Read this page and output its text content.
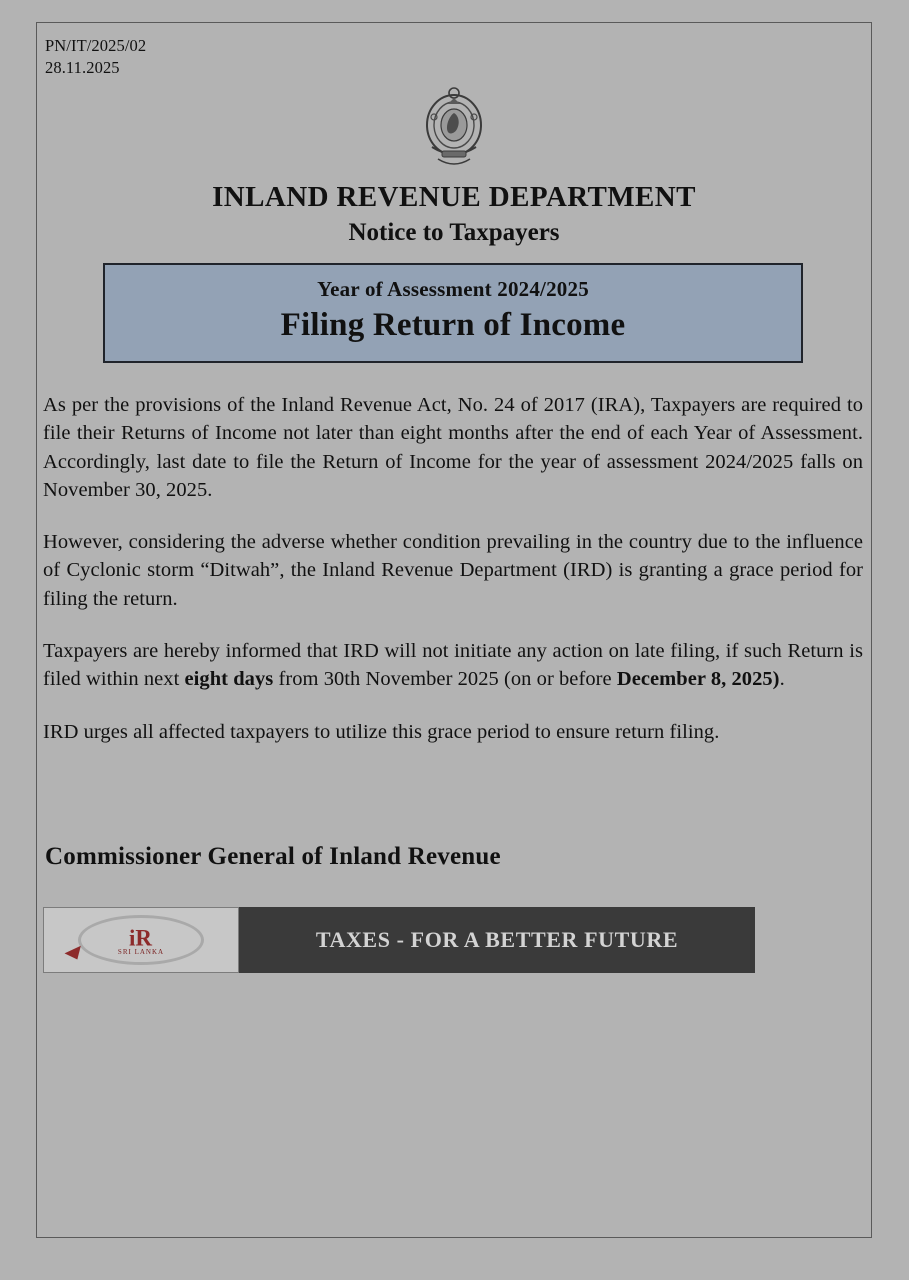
PN/IT/2025/02
28.11.2025
INLAND REVENUE DEPARTMENT
Notice to Taxpayers
Year of Assessment 2024/2025
Filing Return of Income

As per the provisions of the Inland Revenue Act, No. 24 of 2017 (IRA), Taxpayers are required to file their Returns of Income not later than eight months after the end of each Year of Assessment. Accordingly, last date to file the Return of Income for the year of assessment 2024/2025 falls on November 30, 2025.

However, considering the adverse whether condition prevailing in the country due to the influence of Cyclonic storm “Ditwah”, the Inland Revenue Department (IRD) is granting a grace period for filing the return.

Taxpayers are hereby informed that IRD will not initiate any action on late filing, if such Return is filed within next eight days from 30th November 2025 (on or before December 8, 2025).

IRD urges all affected taxpayers to utilize this grace period to ensure return filing.

Commissioner General of Inland Revenue
iR
SRI LANKA
TAXES - FOR A BETTER FUTURE
